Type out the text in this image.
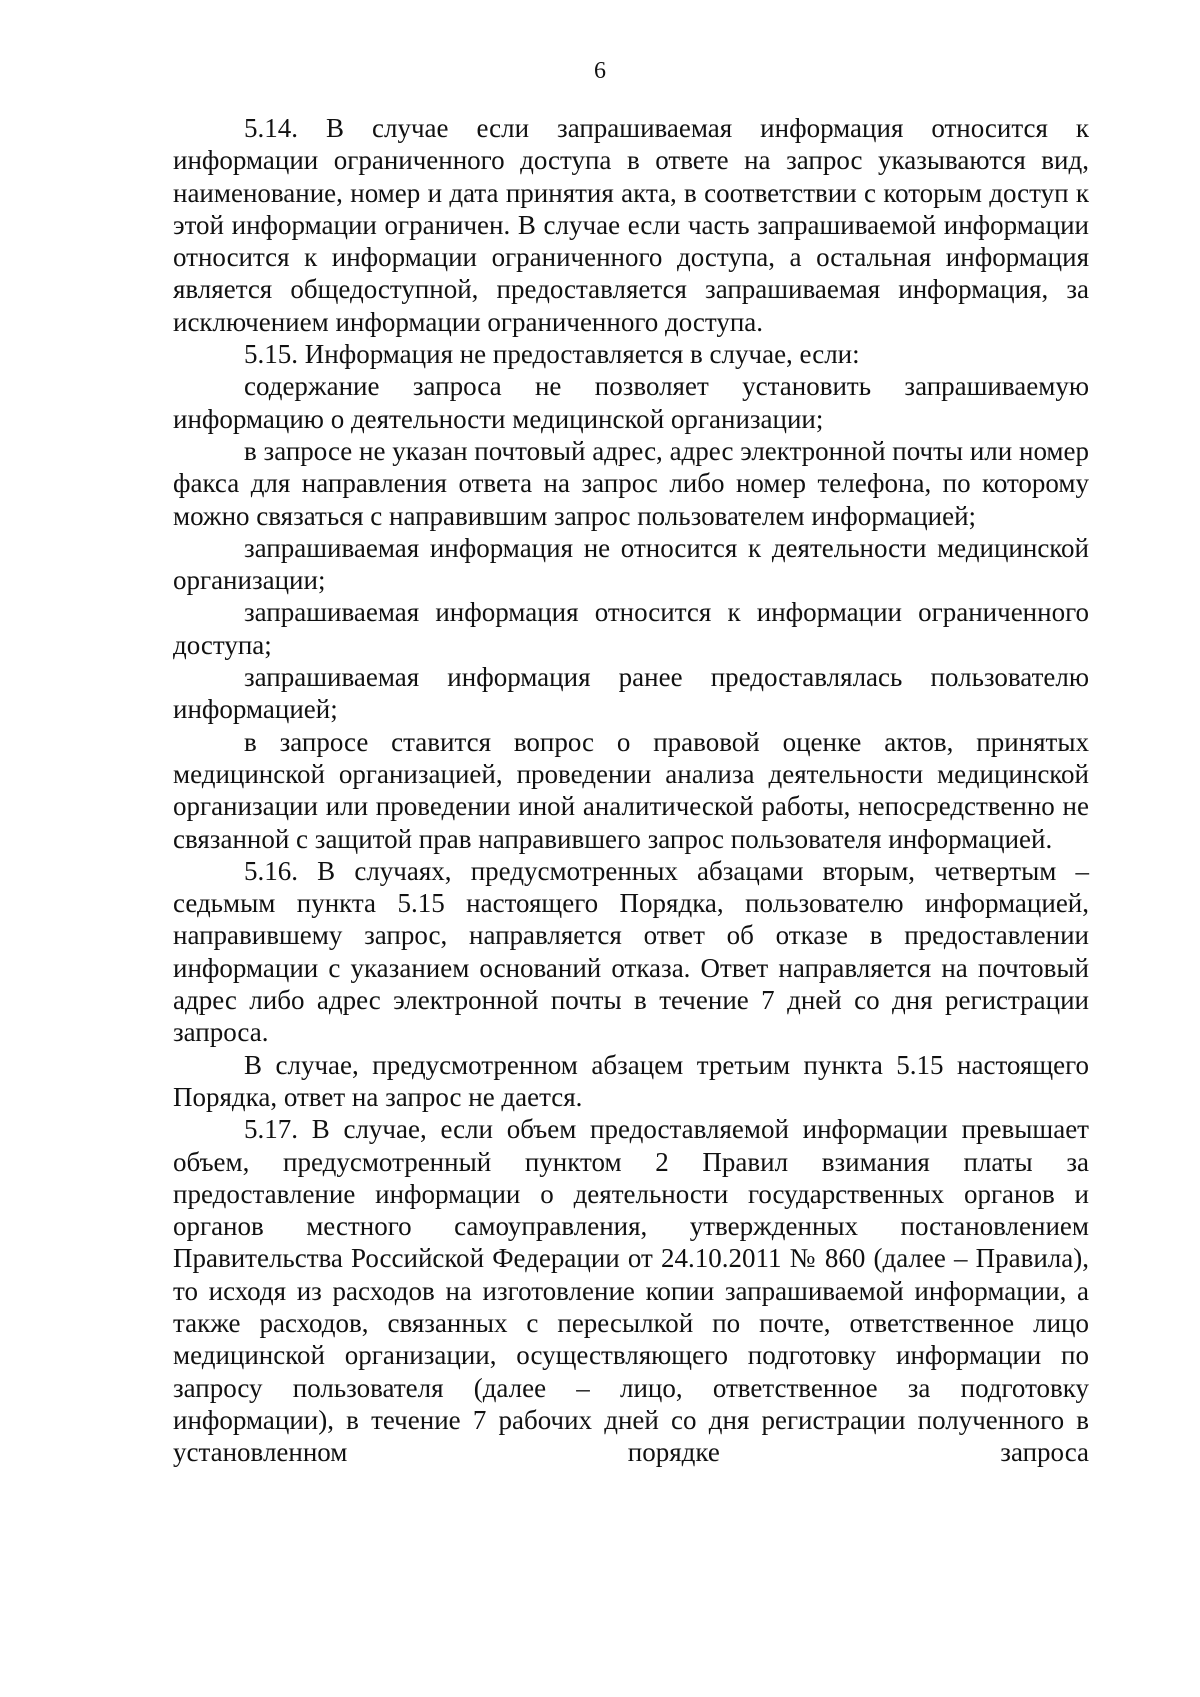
6

5.14. В случае если запрашиваемая информация относится к информации ограниченного доступа в ответе на запрос указываются вид, наименование, номер и дата принятия акта, в соответствии с которым доступ к этой информации ограничен. В случае если часть запрашиваемой информации относится к информации ограниченного доступа, а остальная информация является общедоступной, предоставляется запрашиваемая информация, за исключением информации ограниченного доступа.

5.15. Информация не предоставляется в случае, если:

содержание запроса не позволяет установить запрашиваемую информацию о деятельности медицинской организации;

в запросе не указан почтовый адрес, адрес электронной почты или номер факса для направления ответа на запрос либо номер телефона, по которому можно связаться с направившим запрос пользователем информацией;

запрашиваемая информация не относится к деятельности медицинской организации;

запрашиваемая информация относится к информации ограниченного доступа;

запрашиваемая информация ранее предоставлялась пользователю информацией;

в запросе ставится вопрос о правовой оценке актов, принятых медицинской организацией, проведении анализа деятельности медицинской организации или проведении иной аналитической работы, непосредственно не связанной с защитой прав направившего запрос пользователя информацией.

5.16. В случаях, предусмотренных абзацами вторым, четвертым – седьмым пункта 5.15 настоящего Порядка, пользователю информацией, направившему запрос, направляется ответ об отказе в предоставлении информации с указанием оснований отказа. Ответ направляется на почтовый адрес либо адрес электронной почты в течение 7 дней со дня регистрации запроса.

В случае, предусмотренном абзацем третьим пункта 5.15 настоящего Порядка, ответ на запрос не дается.

5.17. В случае, если объем предоставляемой информации превышает объем, предусмотренный пунктом 2 Правил взимания платы за предоставление информации о деятельности государственных органов и органов местного самоуправления, утвержденных постановлением Правительства Российской Федерации от 24.10.2011 № 860 (далее – Правила), то исходя из расходов на изготовление копии запрашиваемой информации, а также расходов, связанных с пересылкой по почте, ответственное лицо медицинской организации, осуществляющего подготовку информации по запросу пользователя (далее – лицо, ответственное за подготовку информации), в течение 7 рабочих дней со дня регистрации полученного в установленном порядке запроса
